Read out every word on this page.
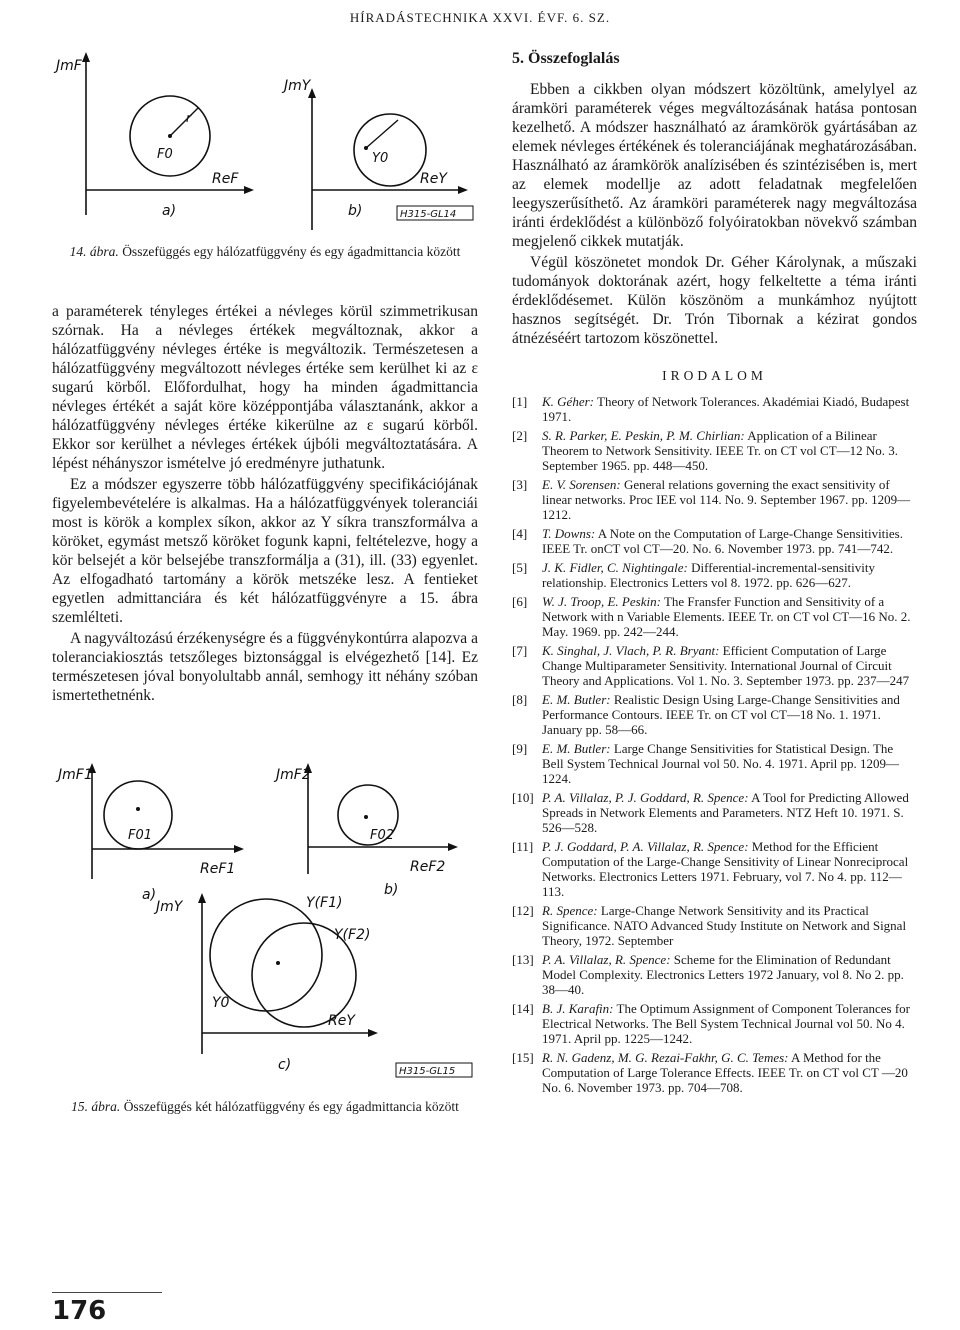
HÍRADÁSTECHNIKA XXVI. ÉVF. 6. SZ.
JmF
F0
r
ReF
a)
JmY
Y0
ReY
b)	H315-GL14

14. ábra. Összefüggés egy hálózatfüggvény és egy ágadmittancia között

a paraméterek tényleges értékei a névleges körül szimmetrikusan szórnak. Ha a névleges értékek megváltoznak, akkor a hálózatfüggvény névleges értéke is megváltozik. Természetesen a hálózatfüggvény megváltozott névleges értéke sem kerülhet ki az ε sugarú körből. Előfordulhat, hogy ha minden ágadmittancia névleges értékét a saját köre középpontjába választanánk, akkor a hálózatfüggvény névleges értéke kikerülne az ε sugarú körből. Ekkor sor kerülhet a névleges értékek újbóli megváltoztatására. A lépést néhányszor ismételve jó eredményre juthatunk.

Ez a módszer egyszerre több hálózatfüggvény specifikációjának figyelembevételére is alkalmas. Ha a hálózatfüggvények toleranciái most is körök a komplex síkon, akkor az Y síkra transzformálva a köröket, egymást metsző köröket fogunk kapni, feltételezve, hogy a kör belsejét a kör belsejébe transzformálja a (31), ill. (33) egyenlet. Az elfogadható tartomány a körök metszéke lesz. A fentieket egyetlen admittanciára és két hálózatfüggvényre a 15. ábra szemlélteti.

A nagyváltozású érzékenységre és a függvénykontúrra alapozva a toleranciakiosztás tetszőleges biztonsággal is elvégezhető [14]. Ez természetesen jóval bonyolultabb annál, semhogy itt néhány szóban ismertethetnénk.

JmF1
F01
ReF1
a)
JmF2
F02
ReF2
b)
JmY	Y(F1)
Y(F2)
Y0
ReY
c)	H315-GL15

15. ábra. Összefüggés két hálózatfüggvény és egy ágadmittancia között

176
5. Összefoglalás

Ebben a cikkben olyan módszert közöltünk, amelylyel az áramköri paraméterek véges megváltozásának hatása pontosan kezelhető. A módszer használható az áramkörök gyártásában az elemek névleges értékének és toleranciájának meghatározásában. Használható az áramkörök analízisében és szintézisében is, mert az elemek modellje az adott feladatnak megfelelően leegyszerűsíthető. Az áramköri paraméterek nagy megváltozása iránti érdeklődést a különböző folyóiratokban növekvő számban megjelenő cikkek mutatják.

Végül köszönetet mondok Dr. Géher Károlynak, a műszaki tudományok doktorának azért, hogy felkeltette a téma iránti érdeklődésemet. Külön köszönöm a munkámhoz nyújtott hasznos segítségét. Dr. Trón Tibornak a kézirat gondos átnézéséért tartozom köszönettel.

IRODALOM
[1]	K. Géher: Theory of Network Tolerances. Akadémiai Kiadó, Budapest 1971.
[2]	S. R. Parker, E. Peskin, P. M. Chirlian: Application of a Bilinear Theorem to Network Sensitivity. IEEE Tr. on CT vol CT—12 No. 3. September 1965. pp. 448—450.
[3]	E. V. Sorensen: General relations governing the exact sensitivity of linear networks. Proc IEE vol 114. No. 9. September 1967. pp. 1209—1212.
[4]	T. Downs: A Note on the Computation of Large-Change Sensitivities. IEEE Tr. onCT vol CT—20. No. 6. November 1973. pp. 741—742.
[5]	J. K. Fidler, C. Nightingale: Differential-incremental-sensitivity relationship. Electronics Letters vol 8. 1972. pp. 626—627.
[6]	W. J. Troop, E. Peskin: The Fransfer Function and Sensitivity of a Network with n Variable Elements. IEEE Tr. on CT vol CT—16 No. 2. May. 1969. pp. 242—244.
[7]	K. Singhal, J. Vlach, P. R. Bryant: Efficient Computation of Large Change Multiparameter Sensitivity. International Journal of Circuit Theory and Applications. Vol 1. No. 3. September 1973. pp. 237—247
[8]	E. M. Butler: Realistic Design Using Large-Change Sensitivities and Performance Contours. IEEE Tr. on CT vol CT—18 No. 1. 1971. January pp. 58—66.
[9]	E. M. Butler: Large Change Sensitivities for Statistical Design. The Bell System Technical Journal vol 50. No. 4. 1971. April pp. 1209—1224.
[10] P. A. Villalaz, P. J. Goddard, R. Spence: A Tool for Predicting Allowed Spreads in Network Elements and Parameters. NTZ Heft 10. 1971. S. 526—528.
[11] P. J. Goddard, P. A. Villalaz, R. Spence: Method for the Efficient Computation of the Large-Change Sensitivity of Linear Nonreciprocal Networks. Electronics Letters 1971. February, vol 7. No 4. pp. 112—113.
[12] R. Spence: Large-Change Network Sensitivity and its Practical Significance. NATO Advanced Study Institute on Network and Signal Theory, 1972. September
[13] P. A. Villalaz, R. Spence: Scheme for the Elimination of Redundant Model Complexity. Electronics Letters 1972 January, vol 8. No 2. pp. 38—40.
[14] B. J. Karafin: The Optimum Assignment of Component Tolerances for Electrical Networks. The Bell System Technical Journal vol 50. No 4. 1971. April pp. 1225—1242.
[15] R. N. Gadenz, M. G. Rezai-Fakhr, G. C. Temes: A Method for the Computation of Large Tolerance Effects. IEEE Tr. on CT vol CT —20 No. 6. November 1973. pp. 704—708.
